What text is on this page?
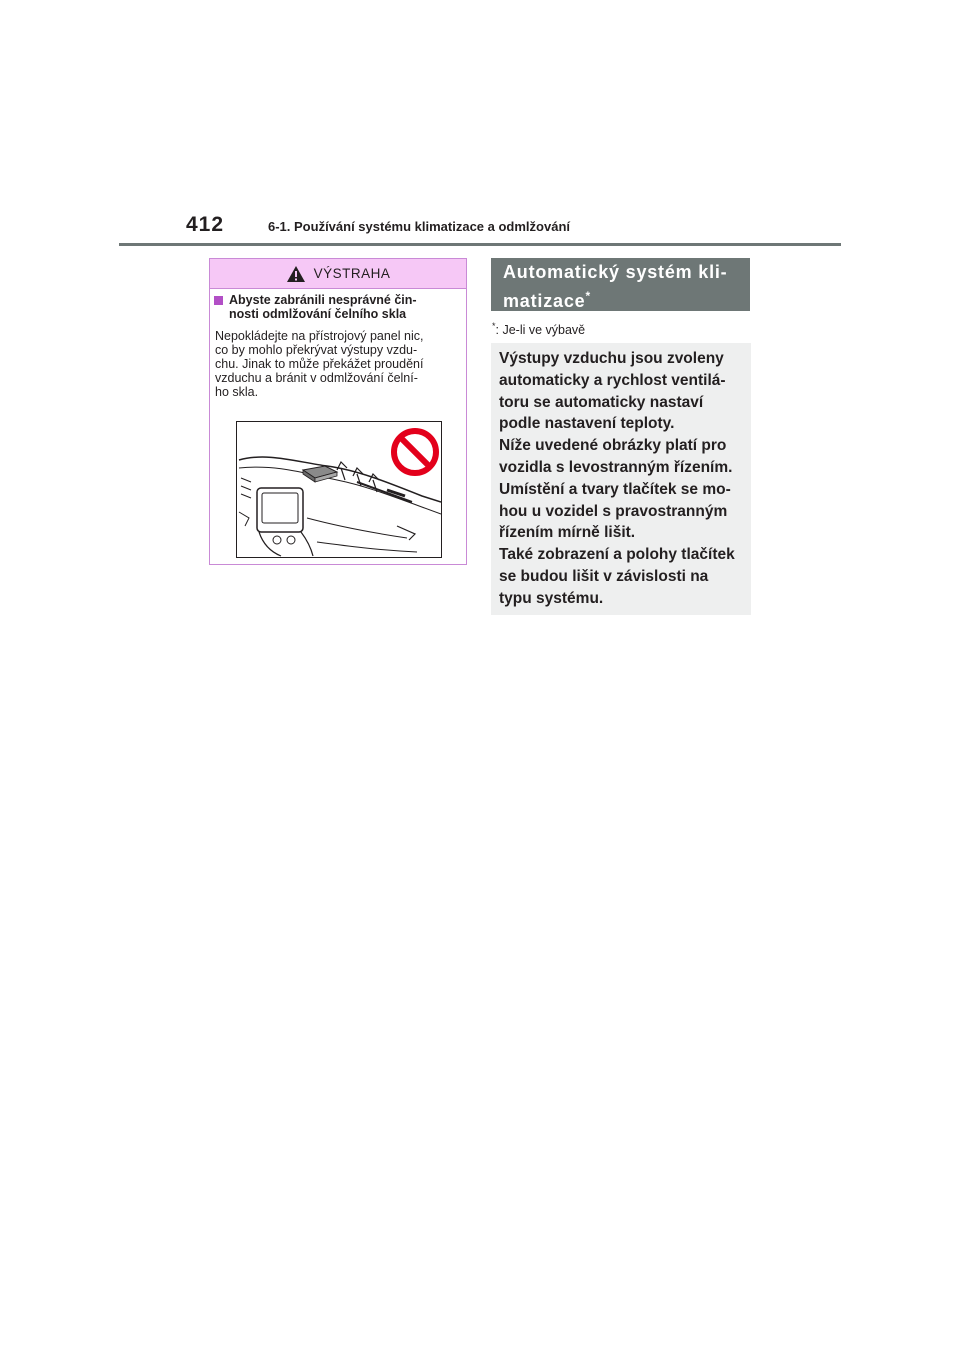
412	6-1. Používání systému klimatizace a odmlžování
VÝSTRAHA
Abyste zabránili nesprávné čin-
nosti odmlžování čelního skla
Nepokládejte na přístrojový panel nic,
co by mohlo překrývat výstupy vzdu-
chu. Jinak to může překážet proudění
vzduchu a bránit v odmlžování čelní-
ho skla.
Automatický systém kli-
matizace*
*: Je-li ve výbavě
Výstupy vzduchu jsou zvoleny
automaticky a rychlost ventilá-
toru se automaticky nastaví
podle nastavení teploty.
Níže uvedené obrázky platí pro
vozidla s levostranným řízením.
Umístění a tvary tlačítek se mo-
hou u vozidel s pravostranným
řízením mírně lišit.
Také zobrazení a polohy tlačítek
se budou lišit v závislosti na
typu systému.
